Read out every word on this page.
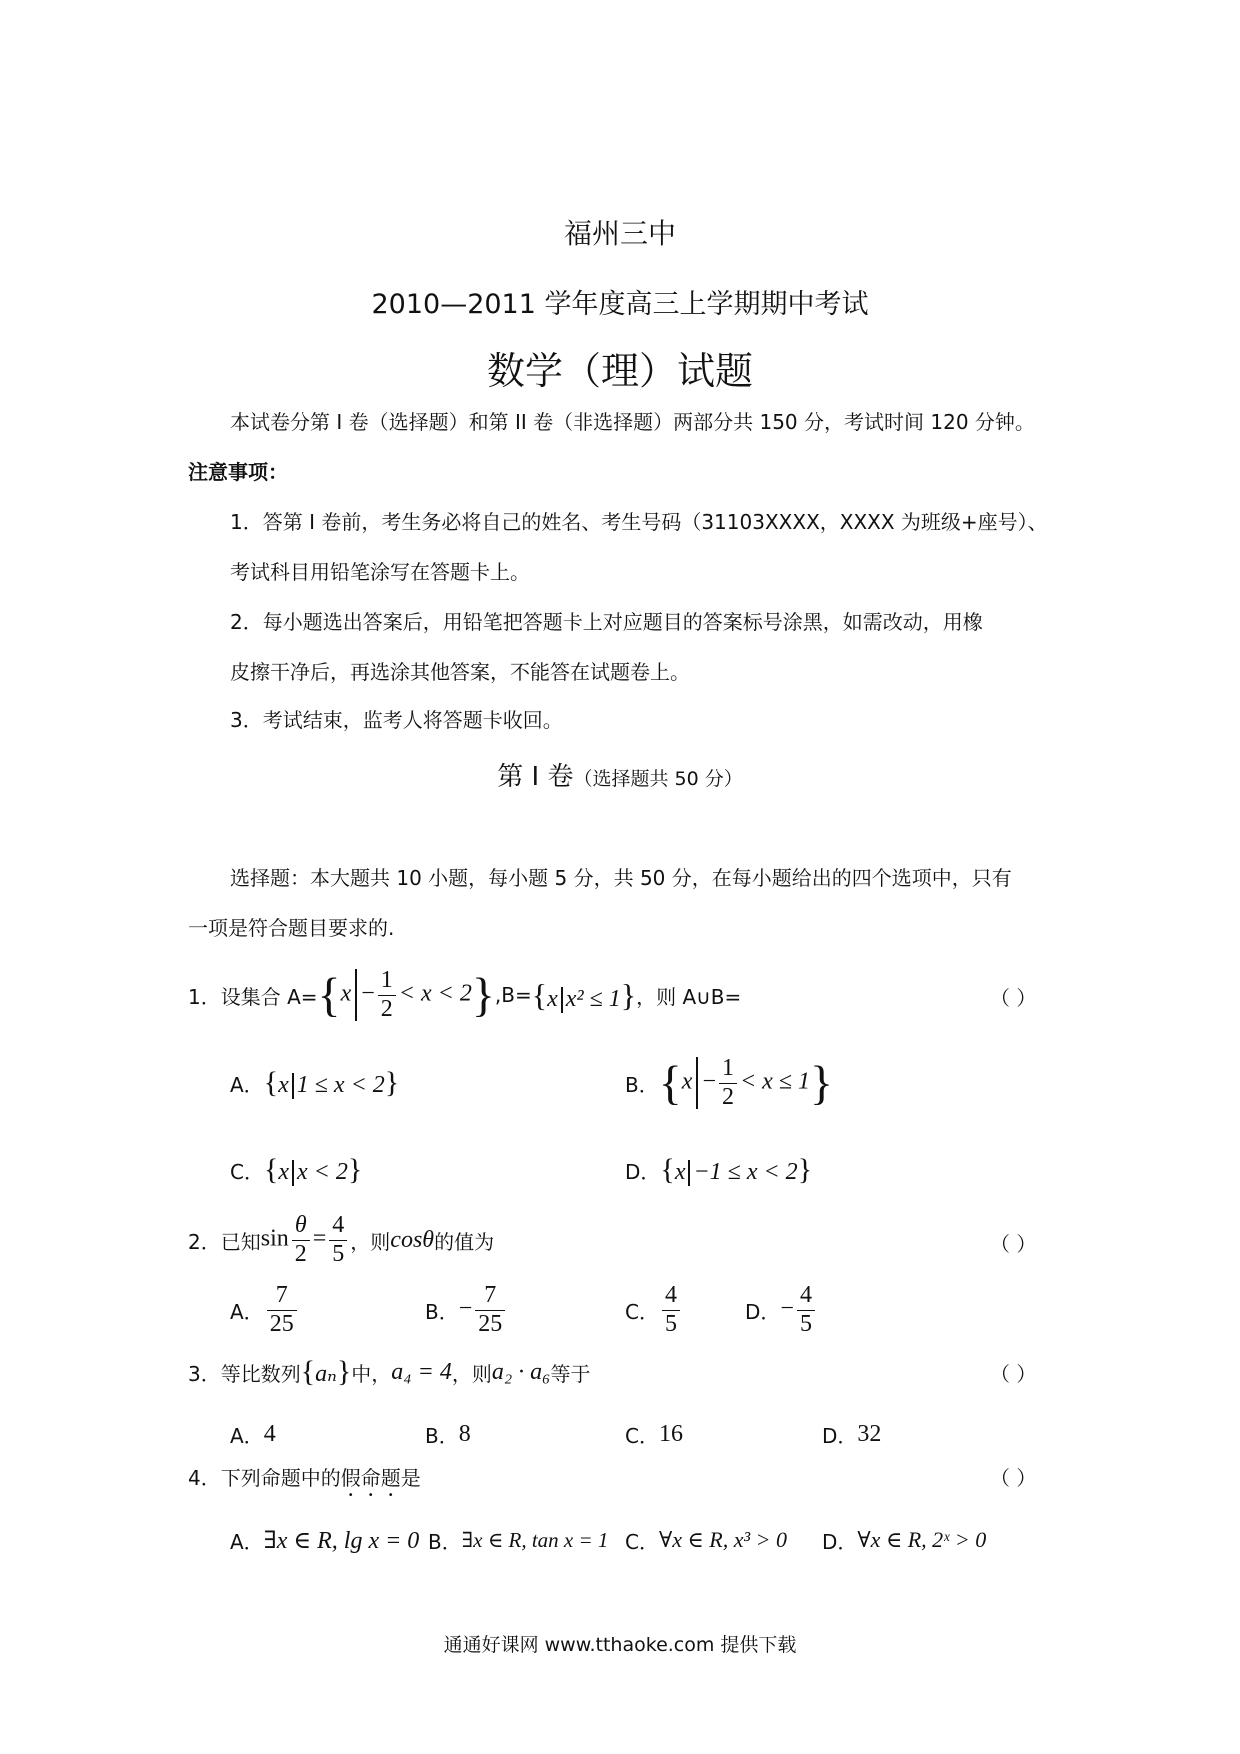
福州三中
2010—2011 学年度高三上学期期中考试
数学（理）试题
本试卷分第 I 卷（选择题）和第 II 卷（非选择题）两部分共 150 分，考试时间 120 分钟。
注意事项：
1．答第 I 卷前，考生务必将自己的姓名、考生号码（31103XXXX，XXXX 为班级+座号）、
考试科目用铅笔涂写在答题卡上。
2．每小题选出答案后，用铅笔把答题卡上对应题目的答案标号涂黑，如需改动，用橡
皮擦干净后，再选涂其他答案，不能答在试题卷上。
3．考试结束，监考人将答题卡收回。
第 I 卷（选择题共 50 分）
选择题：本大题共 10 小题，每小题 5 分，共 50 分，在每小题给出的四个选项中，只有
一项是符合题目要求的.
1．设集合 $A= \{x - \frac{1}{2} < x < 2\}$ ,B= {x x² ≤ 1} ，则 A∪B=	（ ）
A． {x 1 ≤ x < 2}	B． $\{x - \frac{1}{2} < x \le 1\}$
C． {x x < 2}	D． {x −1 ≤ x < 2}
2．已知 $\sin \frac{\theta}{2} = \frac{4}{5}$ ，则 cosθ 的值为	（ ）
A． $\frac{7}{25}$	B． − $\frac{7}{25}$	C． $\frac{4}{5}$	D． − $\frac{4}{5}$
3．等比数列 {aₙ} 中， a₄ = 4 ，则 a₂ · a₆ 等于	（ ）
A． 4	B． 8	C． 16	D． 32
4．下列命题中的假命题是	（ ）
A． ∃x ∈ R, lg x = 0 B． ∃x ∈ R, tan x = 1 C． ∀x ∈ R, x³ > 0 D． ∀x ∈ R, 2ˣ > 0
通通好课网 www.tthaoke.com 提供下载
